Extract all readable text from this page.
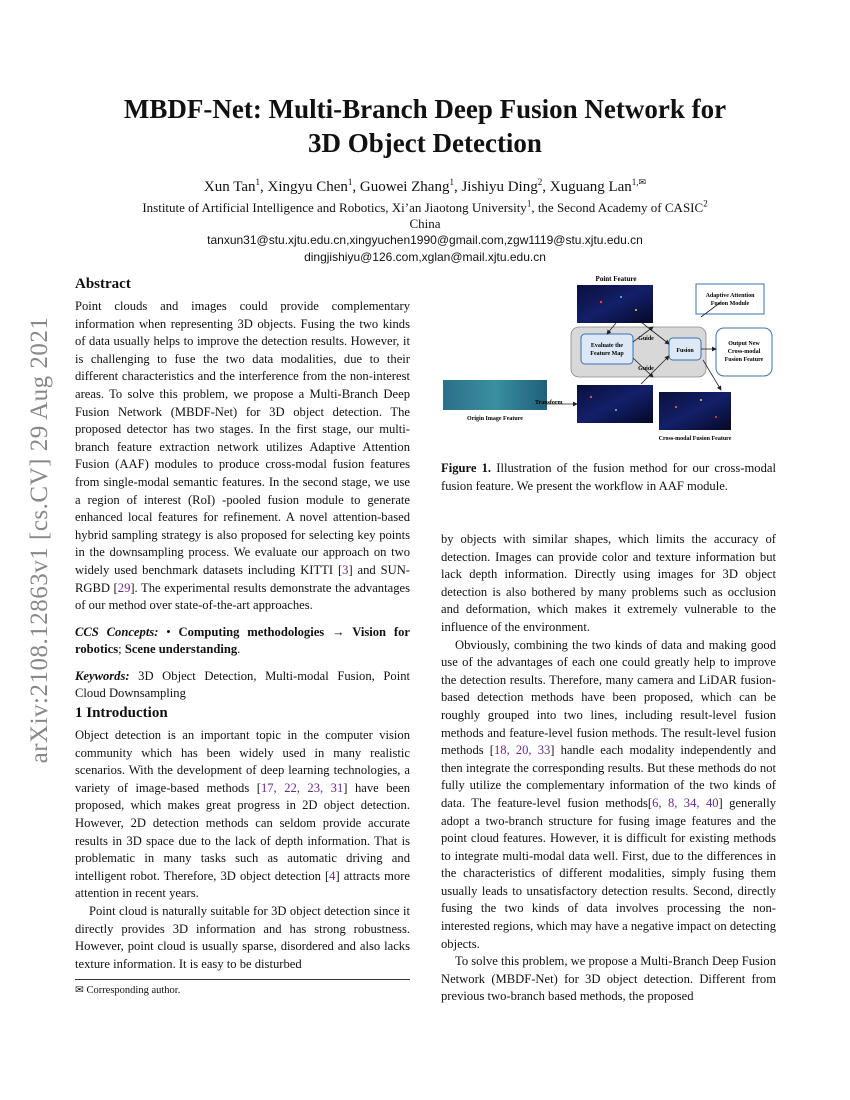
arXiv:2108.12863v1 [cs.CV] 29 Aug 2021
MBDF-Net: Multi-Branch Deep Fusion Network for
3D Object Detection
Xun Tan$^1$, Xingyu Chen$^1$, Guowei Zhang$^1$, Jishiyu Ding$^2$, Xuguang Lan$^{1,✉}$
Institute of Artificial Intelligence and Robotics, Xi’an Jiaotong University$^1$, the Second Academy of CASIC$^2$
China
tanxun31@stu.xjtu.edu.cn,xingyuchen1990@gmail.com,zgw1119@stu.xjtu.edu.cn
dingjishiyu@126.com,xglan@mail.xjtu.edu.cn
Abstract

Point clouds and images could provide complementary information when representing 3D objects. Fusing the two kinds of data usually helps to improve the detection results. However, it is challenging to fuse the two data modalities, due to their different characteristics and the interference from the non-interest areas. To solve this problem, we propose a Multi-Branch Deep Fusion Network (MBDF-Net) for 3D object detection. The proposed detector has two stages. In the first stage, our multi-branch feature extraction network utilizes Adaptive Attention Fusion (AAF) modules to produce cross-modal fusion features from single-modal semantic features. In the second stage, we use a region of interest (RoI) -pooled fusion module to generate enhanced local features for refinement. A novel attention-based hybrid sampling strategy is also proposed for selecting key points in the downsampling process. We evaluate our approach on two widely used benchmark datasets including KITTI [3] and SUN-RGBD [29]. The experimental results demonstrate the advantages of our method over state-of-the-art approaches.

CCS Concepts: • Computing methodologies → Vision for robotics; Scene understanding.

Keywords: 3D Object Detection, Multi-modal Fusion, Point Cloud Downsampling

1 Introduction

Object detection is an important topic in the computer vision community which has been widely used in many realistic scenarios. With the development of deep learning technologies, a variety of image-based methods [17, 22, 23, 31] have been proposed, which makes great progress in 2D object detection. However, 2D detection methods can seldom provide accurate results in 3D space due to the lack of depth information. That is problematic in many tasks such as automatic driving and intelligent robot. Therefore, 3D object detection [4] attracts more attention in recent years.

Point cloud is naturally suitable for 3D object detection since it directly provides 3D information and has strong robustness. However, point cloud is usually sparse, disordered and also lacks texture information. It is easy to be disturbed

✉ Corresponding author.
Point Feature
Adaptive Attention
Fusion Module
Evaluate the
Feature Map	Fusion
Guide
Guide
Output New
Cross-modal
Fusion Feature
Origin Image Feature
Transform
Cross-modal Fusion Feature
Figure 1. Illustration of the fusion method for our cross-modal fusion feature. We present the workflow in AAF module.

by objects with similar shapes, which limits the accuracy of detection. Images can provide color and texture information but lack depth information. Directly using images for 3D object detection is also bothered by many problems such as occlusion and deformation, which makes it extremely vulnerable to the influence of the environment.

Obviously, combining the two kinds of data and making good use of the advantages of each one could greatly help to improve the detection results. Therefore, many camera and LiDAR fusion-based detection methods have been proposed, which can be roughly grouped into two lines, including result-level fusion methods and feature-level fusion methods. The result-level fusion methods [18, 20, 33] handle each modality independently and then integrate the corresponding results. But these methods do not fully utilize the complementary information of the two kinds of data. The feature-level fusion methods[6, 8, 34, 40] generally adopt a two-branch structure for fusing image features and the point cloud features. However, it is difficult for existing methods to integrate multi-modal data well. First, due to the differences in the characteristics of different modalities, simply fusing them usually leads to unsatisfactory detection results. Second, directly fusing the two kinds of data involves processing the non-interested regions, which may have a negative impact on detecting objects.

To solve this problem, we propose a Multi-Branch Deep Fusion Network (MBDF-Net) for 3D object detection. Different from previous two-branch based methods, the proposed
